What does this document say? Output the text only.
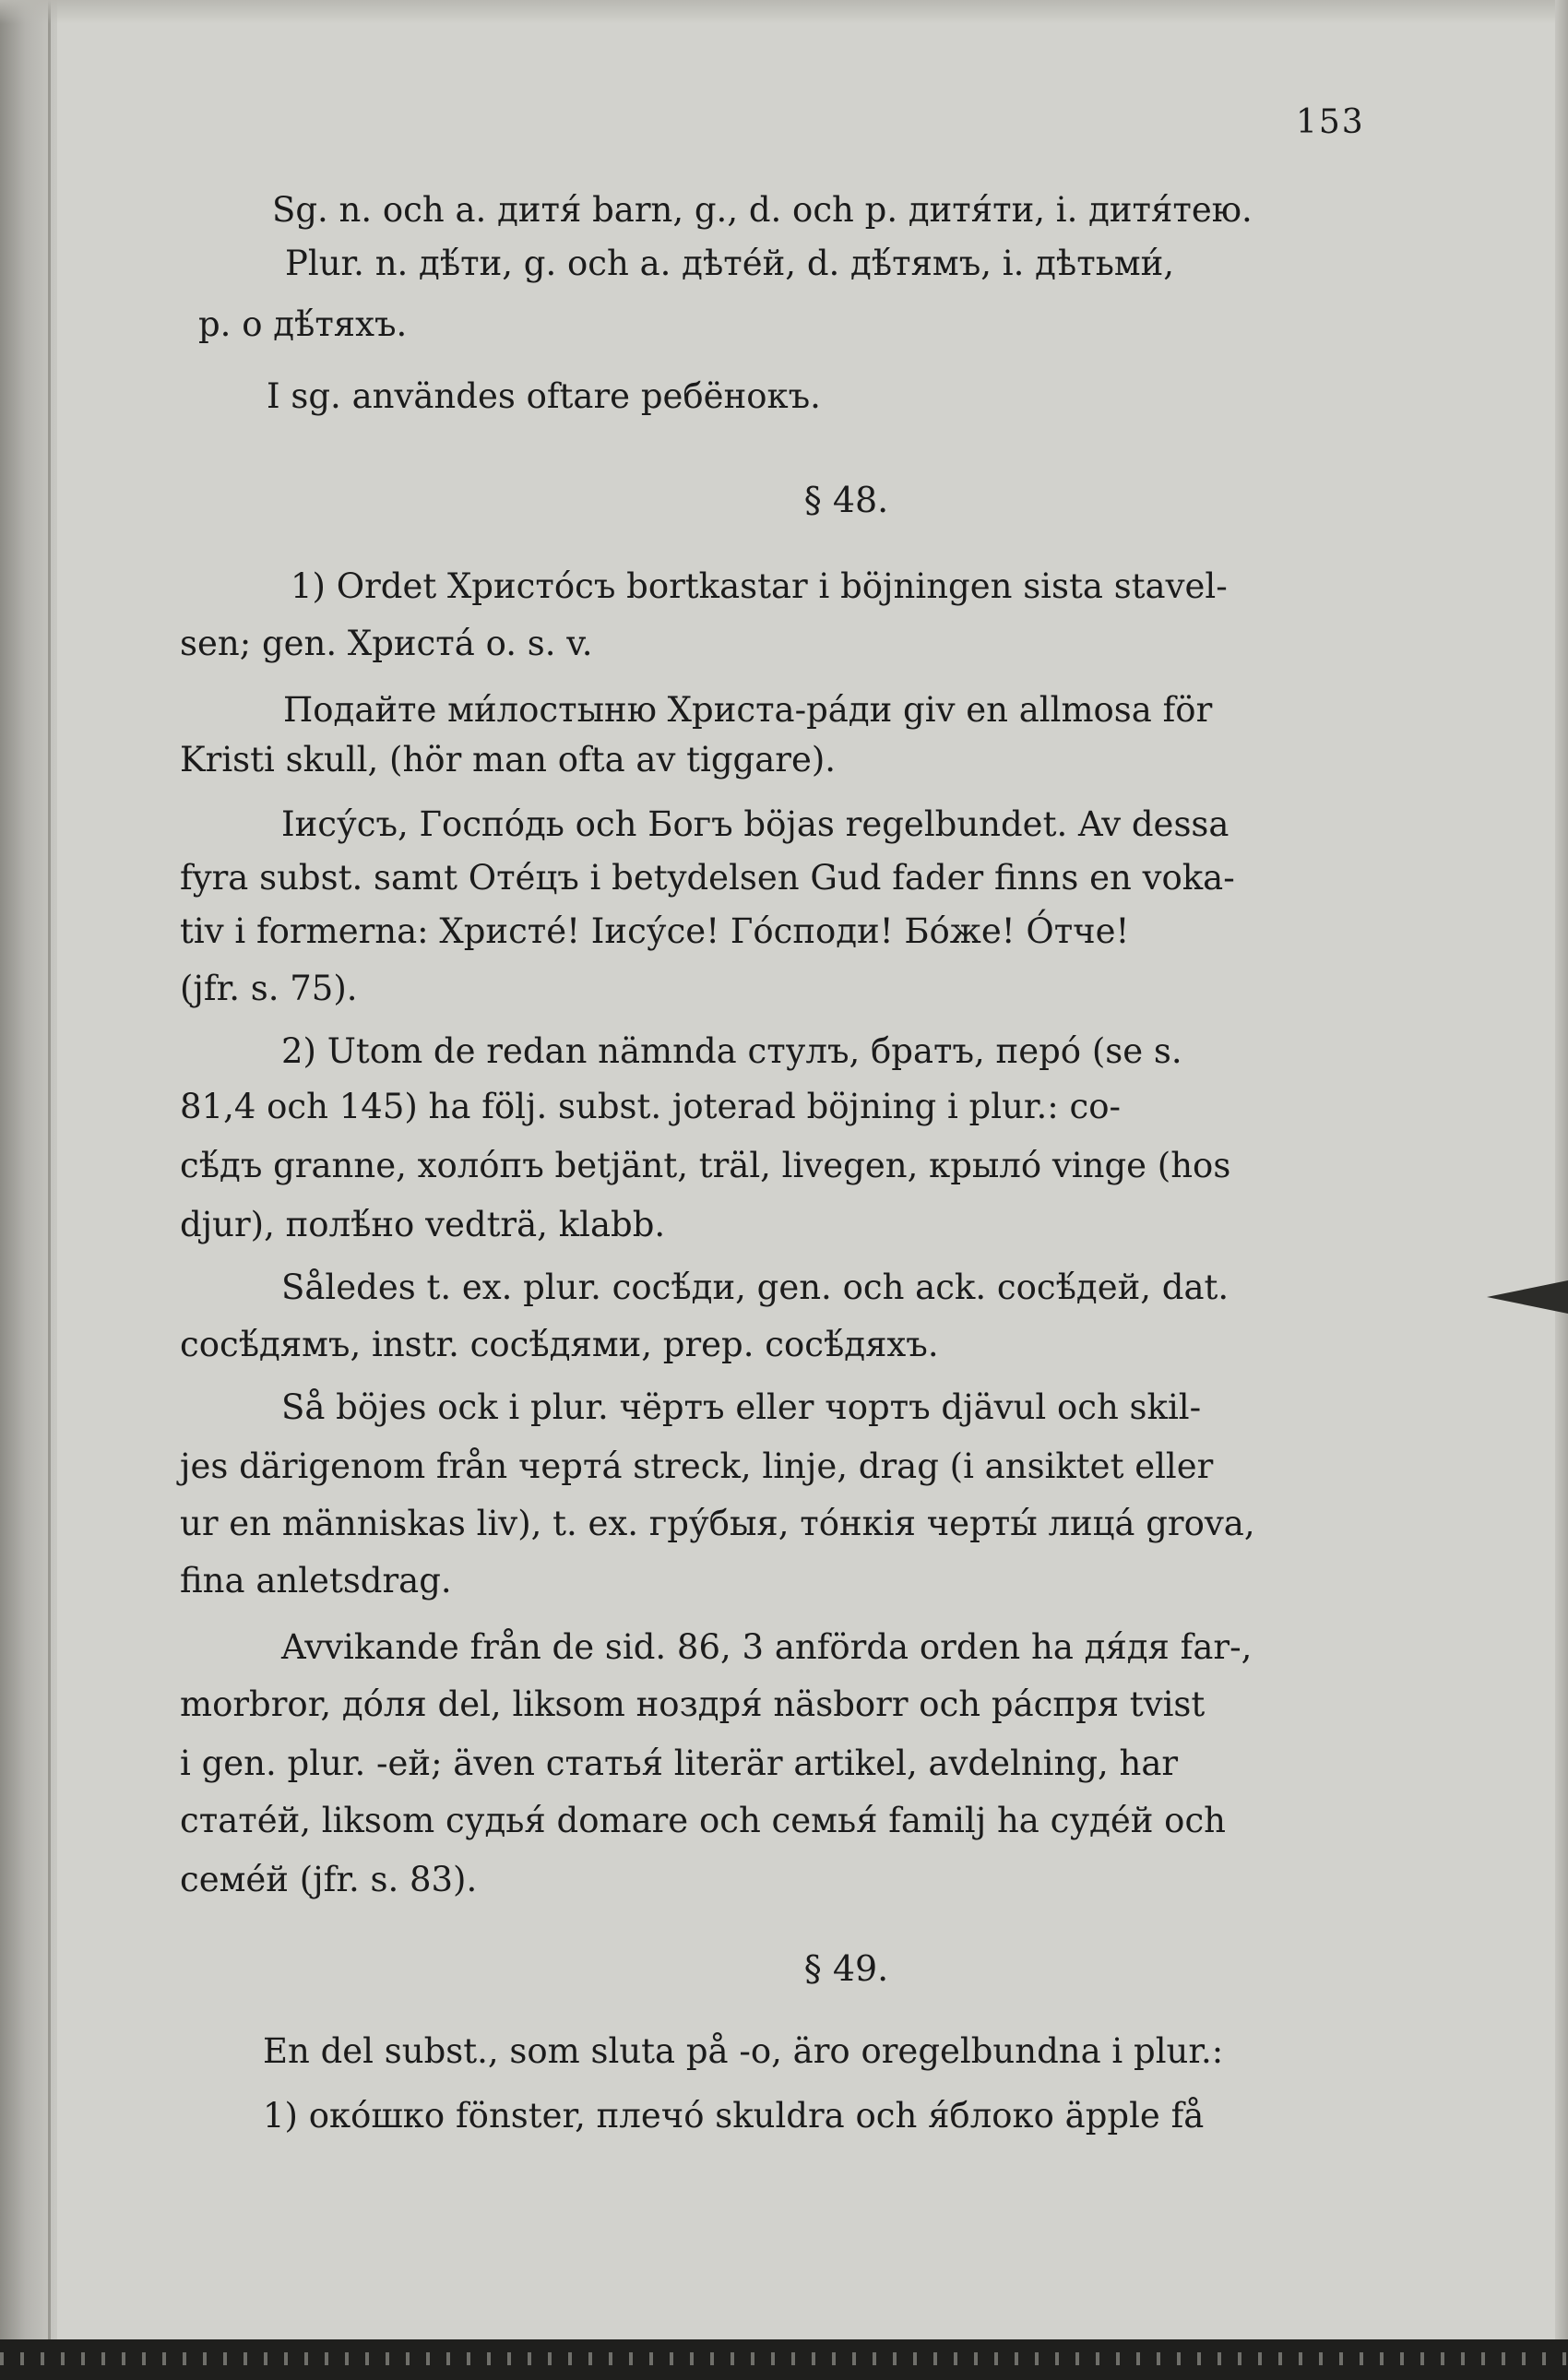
153
Sg. n. och a. дитя́ barn, g., d. och p. дитя́ти, i. дитя́тею.
Plur. n. дѣ́ти, g. och a. дѣте́й, d. дѣ́тямъ, i. дѣтьми́,
p. о дѣ́тяхъ.
I sg. användes oftare ребёнокъ.
§ 48.
1) Ordet Христо́съ bortkastar i böjningen sista stavel-
sen; gen. Христа́ o. s. v.
Подайте ми́лостыню Христа-ра́ди giv en allmosa för
Kristi skull, (hör man ofta av tiggare).
Іису́съ, Госпо́дь och Богъ böjas regelbundet. Av dessa
fyra subst. samt Оте́цъ i betydelsen Gud fader finns en voka-
tiv i formerna: Христе́! Іису́се! Го́споди! Бо́же! О́тче!
(jfr. s. 75).
2) Utom de redan nämnda стулъ, братъ, перо́ (se s.
81,4 och 145) ha följ. subst. joterad böjning i plur.: со-
сѣ́дъ granne, холо́пъ betjänt, träl, livegen, крыло́ vinge (hos
djur), полѣ́но vedträ, klabb.
Således t. ex. plur. сосѣ́ди, gen. och ack. сосѣ́дей, dat.
сосѣ́дямъ, instr. сосѣ́дями, prep. сосѣ́дяхъ.
Så böjes ock i plur. чёртъ eller чортъ djävul och skil-
jes därigenom från черта́ streck, linje, drag (i ansiktet eller
ur en människas liv), t. ex. гру́быя, то́нкія черты́ лица́ grova,
fina anletsdrag.
Avvikande från de sid. 86, 3 anförda orden ha дя́дя far-,
morbror, до́ля del, liksom ноздря́ näsborr och ра́спря tvist
i gen. plur. -ей; även статья́ literär artikel, avdelning, har
стате́й, liksom судья́ domare och семья́ familj ha суде́й och
семе́й (jfr. s. 83).
§ 49.
En del subst., som sluta på -о, äro oregelbundna i plur.:
1) око́шко fönster, плечо́ skuldra och я́блоко äpple få
